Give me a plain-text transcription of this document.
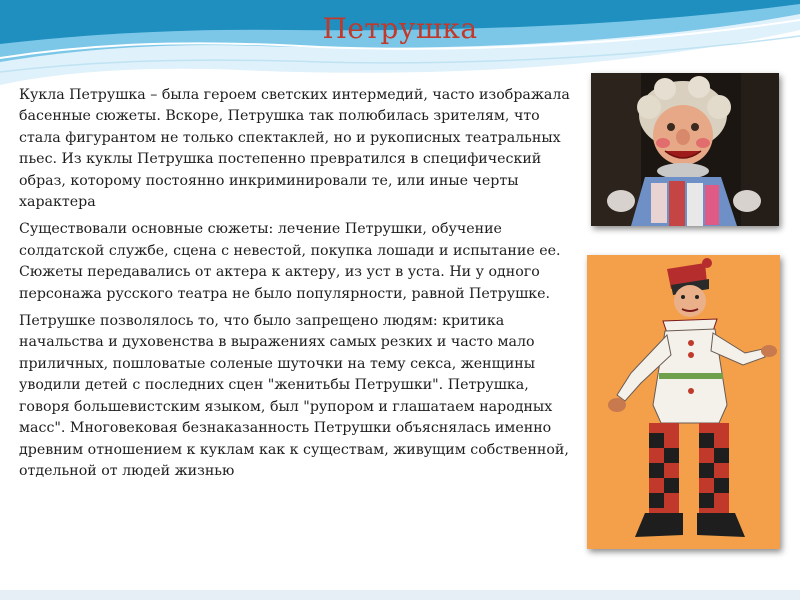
Петрушка

Кукла Петрушка – была героем светских интермедий, часто изображала басенные сюжеты. Вскоре, Петрушка так полюбилась зрителям, что стала фигурантом не только спектаклей, но и рукописных театральных пьес. Из куклы Петрушка постепенно превратился в специфический образ, которому постоянно инкриминировали те, или иные черты характера

Существовали основные сюжеты: лечение Петрушки, обучение солдатской службе, сцена с невестой, покупка лошади и испытание ее. Сюжеты передавались от актера к актеру, из уст в уста. Ни у одного персонажа русского театра не было популярности, равной Петрушке.

Петрушке позволялось то, что было запрещено людям: критика начальства и духовенства в выражениях самых резких и часто мало приличных, пошловатые соленые шуточки на тему секса, женщины уводили детей с последних сцен "женитьбы Петрушки". Петрушка, говоря большевистским языком, был "рупором и глашатаем народных масс". Многовековая безнаказанность Петрушки объяснялась именно древним отношением к куклам как к существам, живущим собственной, отдельной от людей жизнью
